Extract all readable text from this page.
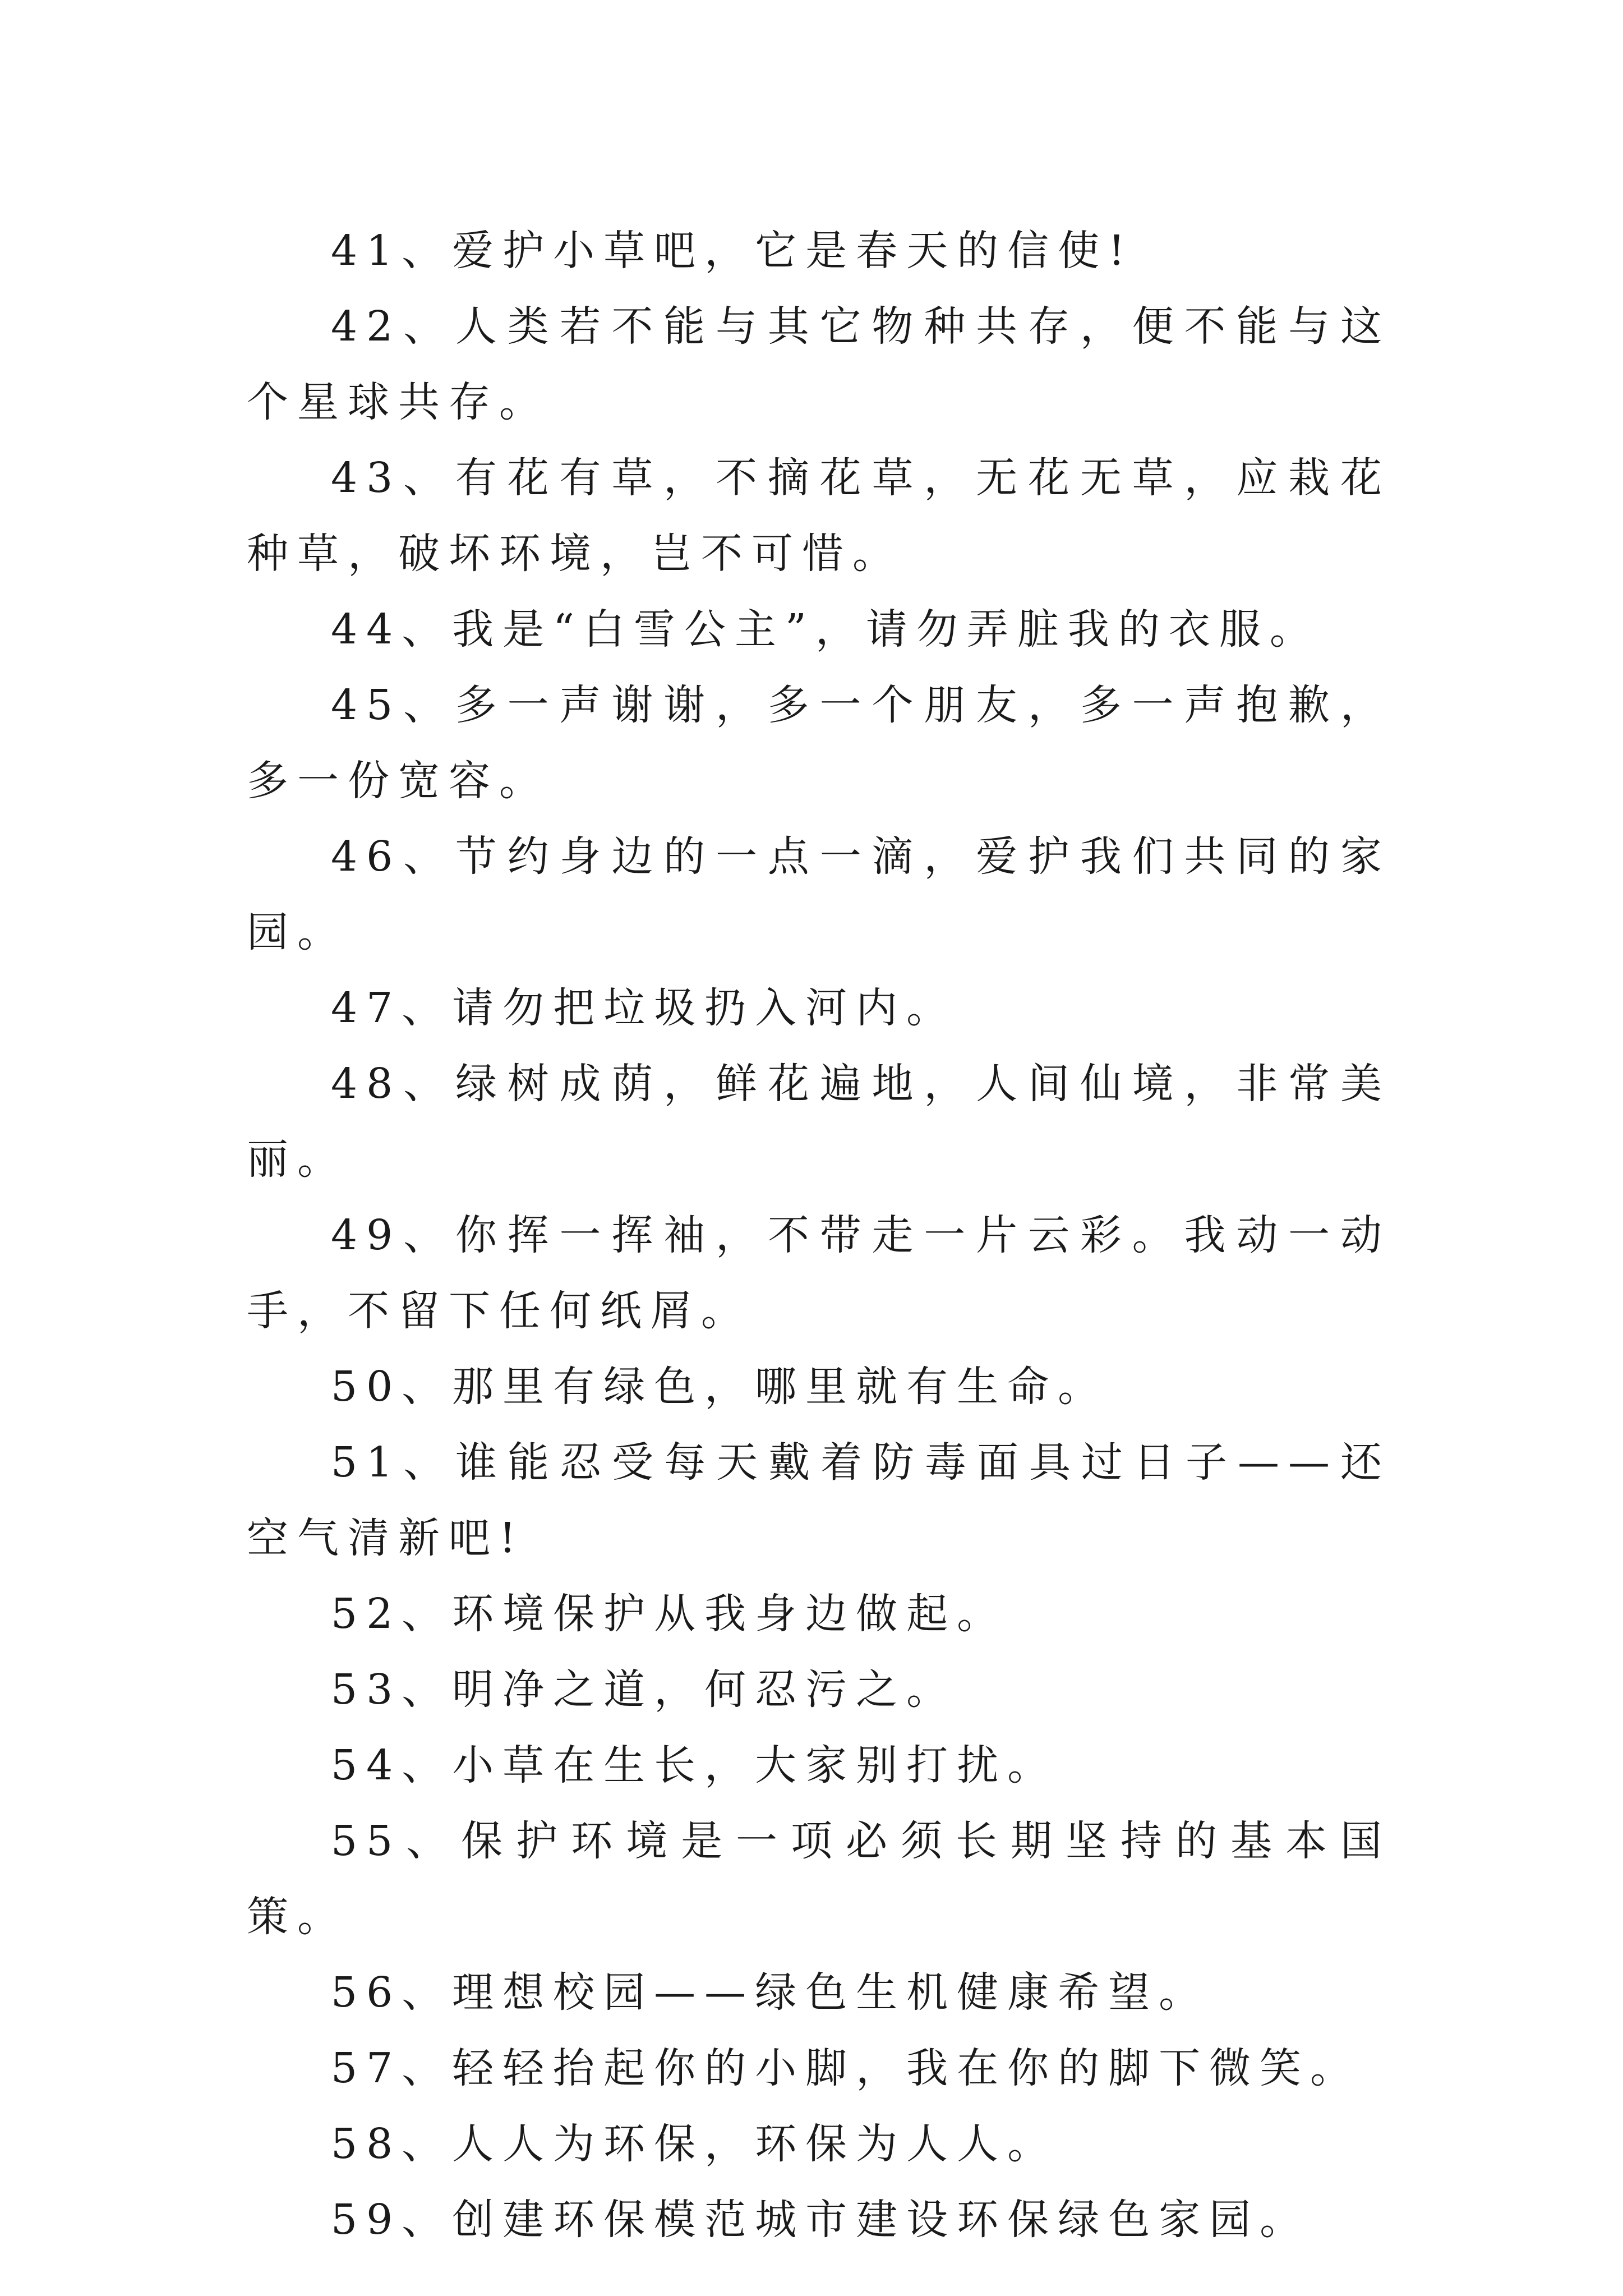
41、爱护小草吧，它是春天的信使!

42、人类若不能与其它物种共存，便不能与这个星球共存。

43、有花有草，不摘花草，无花无草，应栽花种草，破坏环境，岂不可惜。

44、我是“白雪公主”，请勿弄脏我的衣服。

45、多一声谢谢，多一个朋友，多一声抱歉，多一份宽容。

46、节约身边的一点一滴，爱护我们共同的家园。

47、请勿把垃圾扔入河内。

48、绿树成荫，鲜花遍地，人间仙境，非常美丽。

49、你挥一挥袖，不带走一片云彩。我动一动手，不留下任何纸屑。

50、那里有绿色，哪里就有生命。

51、谁能忍受每天戴着防毒面具过日子——还空气清新吧!

52、环境保护从我身边做起。

53、明净之道，何忍污之。

54、小草在生长，大家别打扰。

55、保护环境是一项必须长期坚持的基本国策。

56、理想校园——绿色生机健康希望。

57、轻轻抬起你的小脚，我在你的脚下微笑。

58、人人为环保，环保为人人。

59、创建环保模范城市建设环保绿色家园。
